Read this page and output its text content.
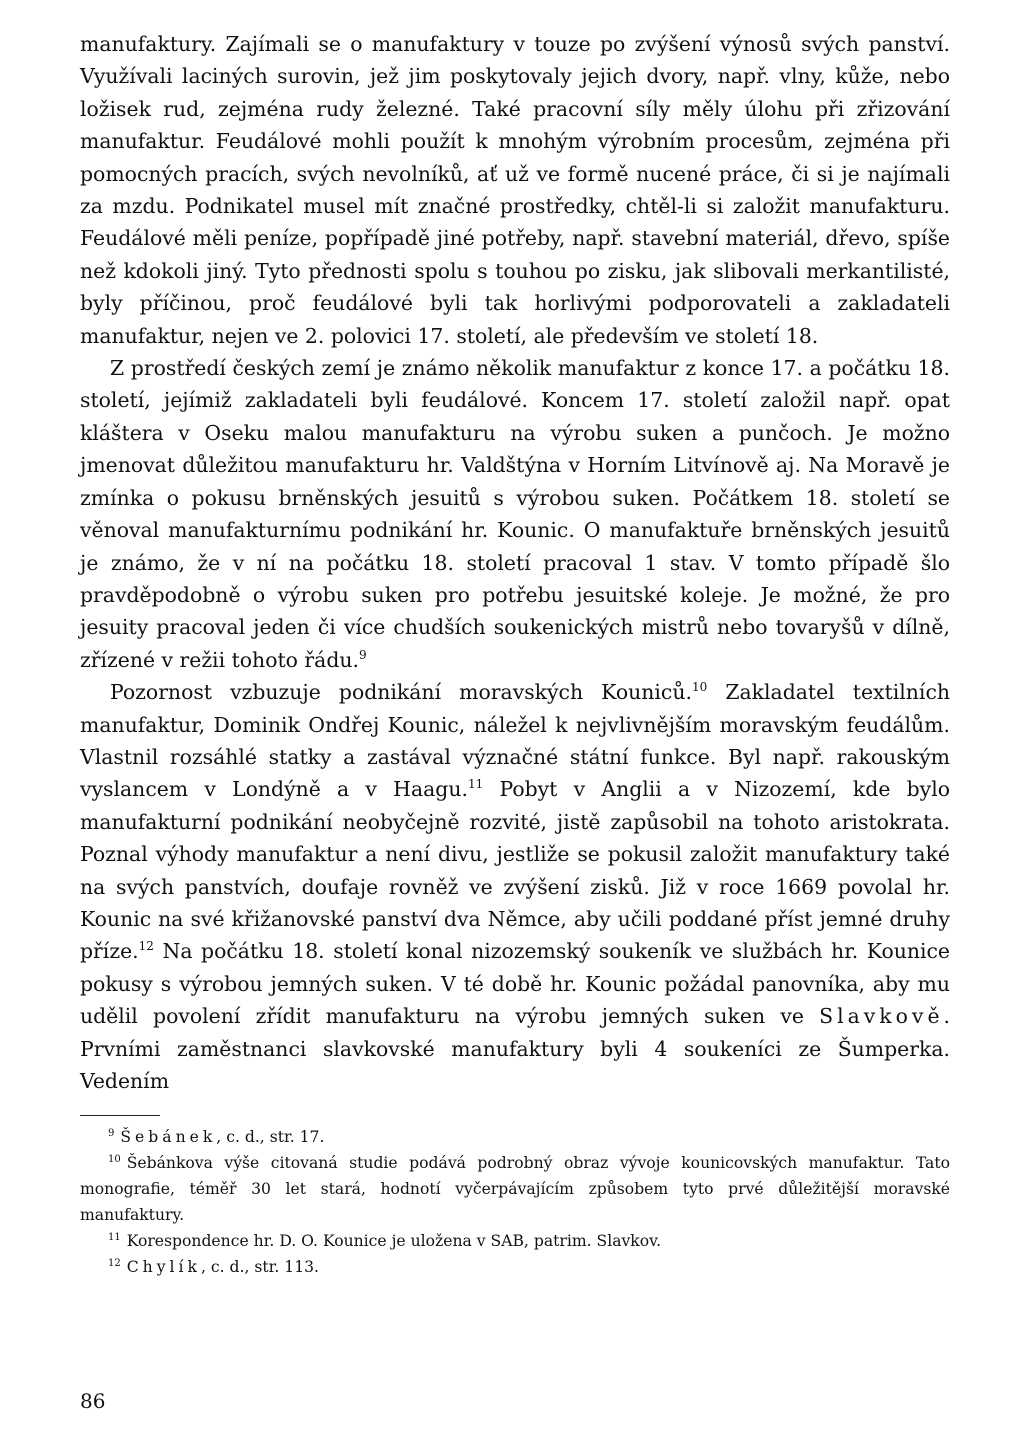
manufaktury. Zajímali se o manufaktury v touze po zvýšení výnosů svých panství. Využívali laciných surovin, jež jim poskytovaly jejich dvory, např. vlny, kůže, nebo ložisek rud, zejména rudy železné. Také pracovní síly měly úlohu při zřizování manufaktur. Feudálové mohli použít k mnohým výrobním procesům, zejména při pomocných pracích, svých nevolníků, ať už ve formě nucené práce, či si je najímali za mzdu. Podnikatel musel mít značné prostředky, chtěl-li si založit manufakturu. Feudálové měli peníze, popřípadě jiné potřeby, např. stavební materiál, dřevo, spíše než kdokoli jiný. Tyto přednosti spolu s touhou po zisku, jak slibovali merkantilisté, byly příčinou, proč feudálové byli tak horlivými podporovateli a zakladateli manufaktur, nejen ve 2. polovici 17. století, ale především ve století 18.

Z prostředí českých zemí je známo několik manufaktur z konce 17. a počátku 18. století, jejímiž zakladateli byli feudálové. Koncem 17. století založil např. opat kláštera v Oseku malou manufakturu na výrobu suken a punčoch. Je možno jmenovat důležitou manufakturu hr. Valdštýna v Horním Litvínově aj. Na Moravě je zmínka o pokusu brněnských jesuitů s výrobou suken. Počátkem 18. století se věnoval manufakturnímu podnikání hr. Kounic. O manufaktuře brněnských jesuitů je známo, že v ní na počátku 18. století pracoval 1 stav. V tomto případě šlo pravděpodobně o výrobu suken pro potřebu jesuitské koleje. Je možné, že pro jesuity pracoval jeden či více chudších soukenických mistrů nebo tovaryšů v dílně, zřízené v režii tohoto řádu.$^9$

Pozornost vzbuzuje podnikání moravských Kouniců.$^{10}$ Zakladatel textilních manufaktur, Dominik Ondřej Kounic, náležel k nejvlivnějším moravským feudálům. Vlastnil rozsáhlé statky a zastával význačné státní funkce. Byl např. rakouským vyslancem v Londýně a v Haagu.$^{11}$ Pobyt v Anglii a v Nizozemí, kde bylo manufakturní podnikání neobyčejně rozvité, jistě zapůsobil na tohoto aristokrata. Poznal výhody manufaktur a není divu, jestliže se pokusil založit manufaktury také na svých panstvích, doufaje rovněž ve zvýšení zisků. Již v roce 1669 povolal hr. Kounic na své křižanovské panství dva Němce, aby učili poddané příst jemné druhy příze.$^{12}$ Na počátku 18. století konal nizozemský soukeník ve službách hr. Kounice pokusy s výrobou jemných suken. V té době hr. Kounic požádal panovníka, aby mu udělil povolení zřídit manufakturu na výrobu jemných suken ve Slavkově. Prvními zaměstnanci slavkovské manufaktury byli 4 soukeníci ze Šumperka. Vedením

$^9$ Šebánek, c. d., str. 17.

$^{10}$ Šebánkova výše citovaná studie podává podrobný obraz vývoje kounicovských manufaktur. Tato monografie, téměř 30 let stará, hodnotí vyčerpávajícím způsobem tyto prvé důležitější moravské manufaktury.

$^{11}$ Korespondence hr. D. O. Kounice je uložena v SAB, patrim. Slavkov.

$^{12}$ Chylík, c. d., str. 113.

86
